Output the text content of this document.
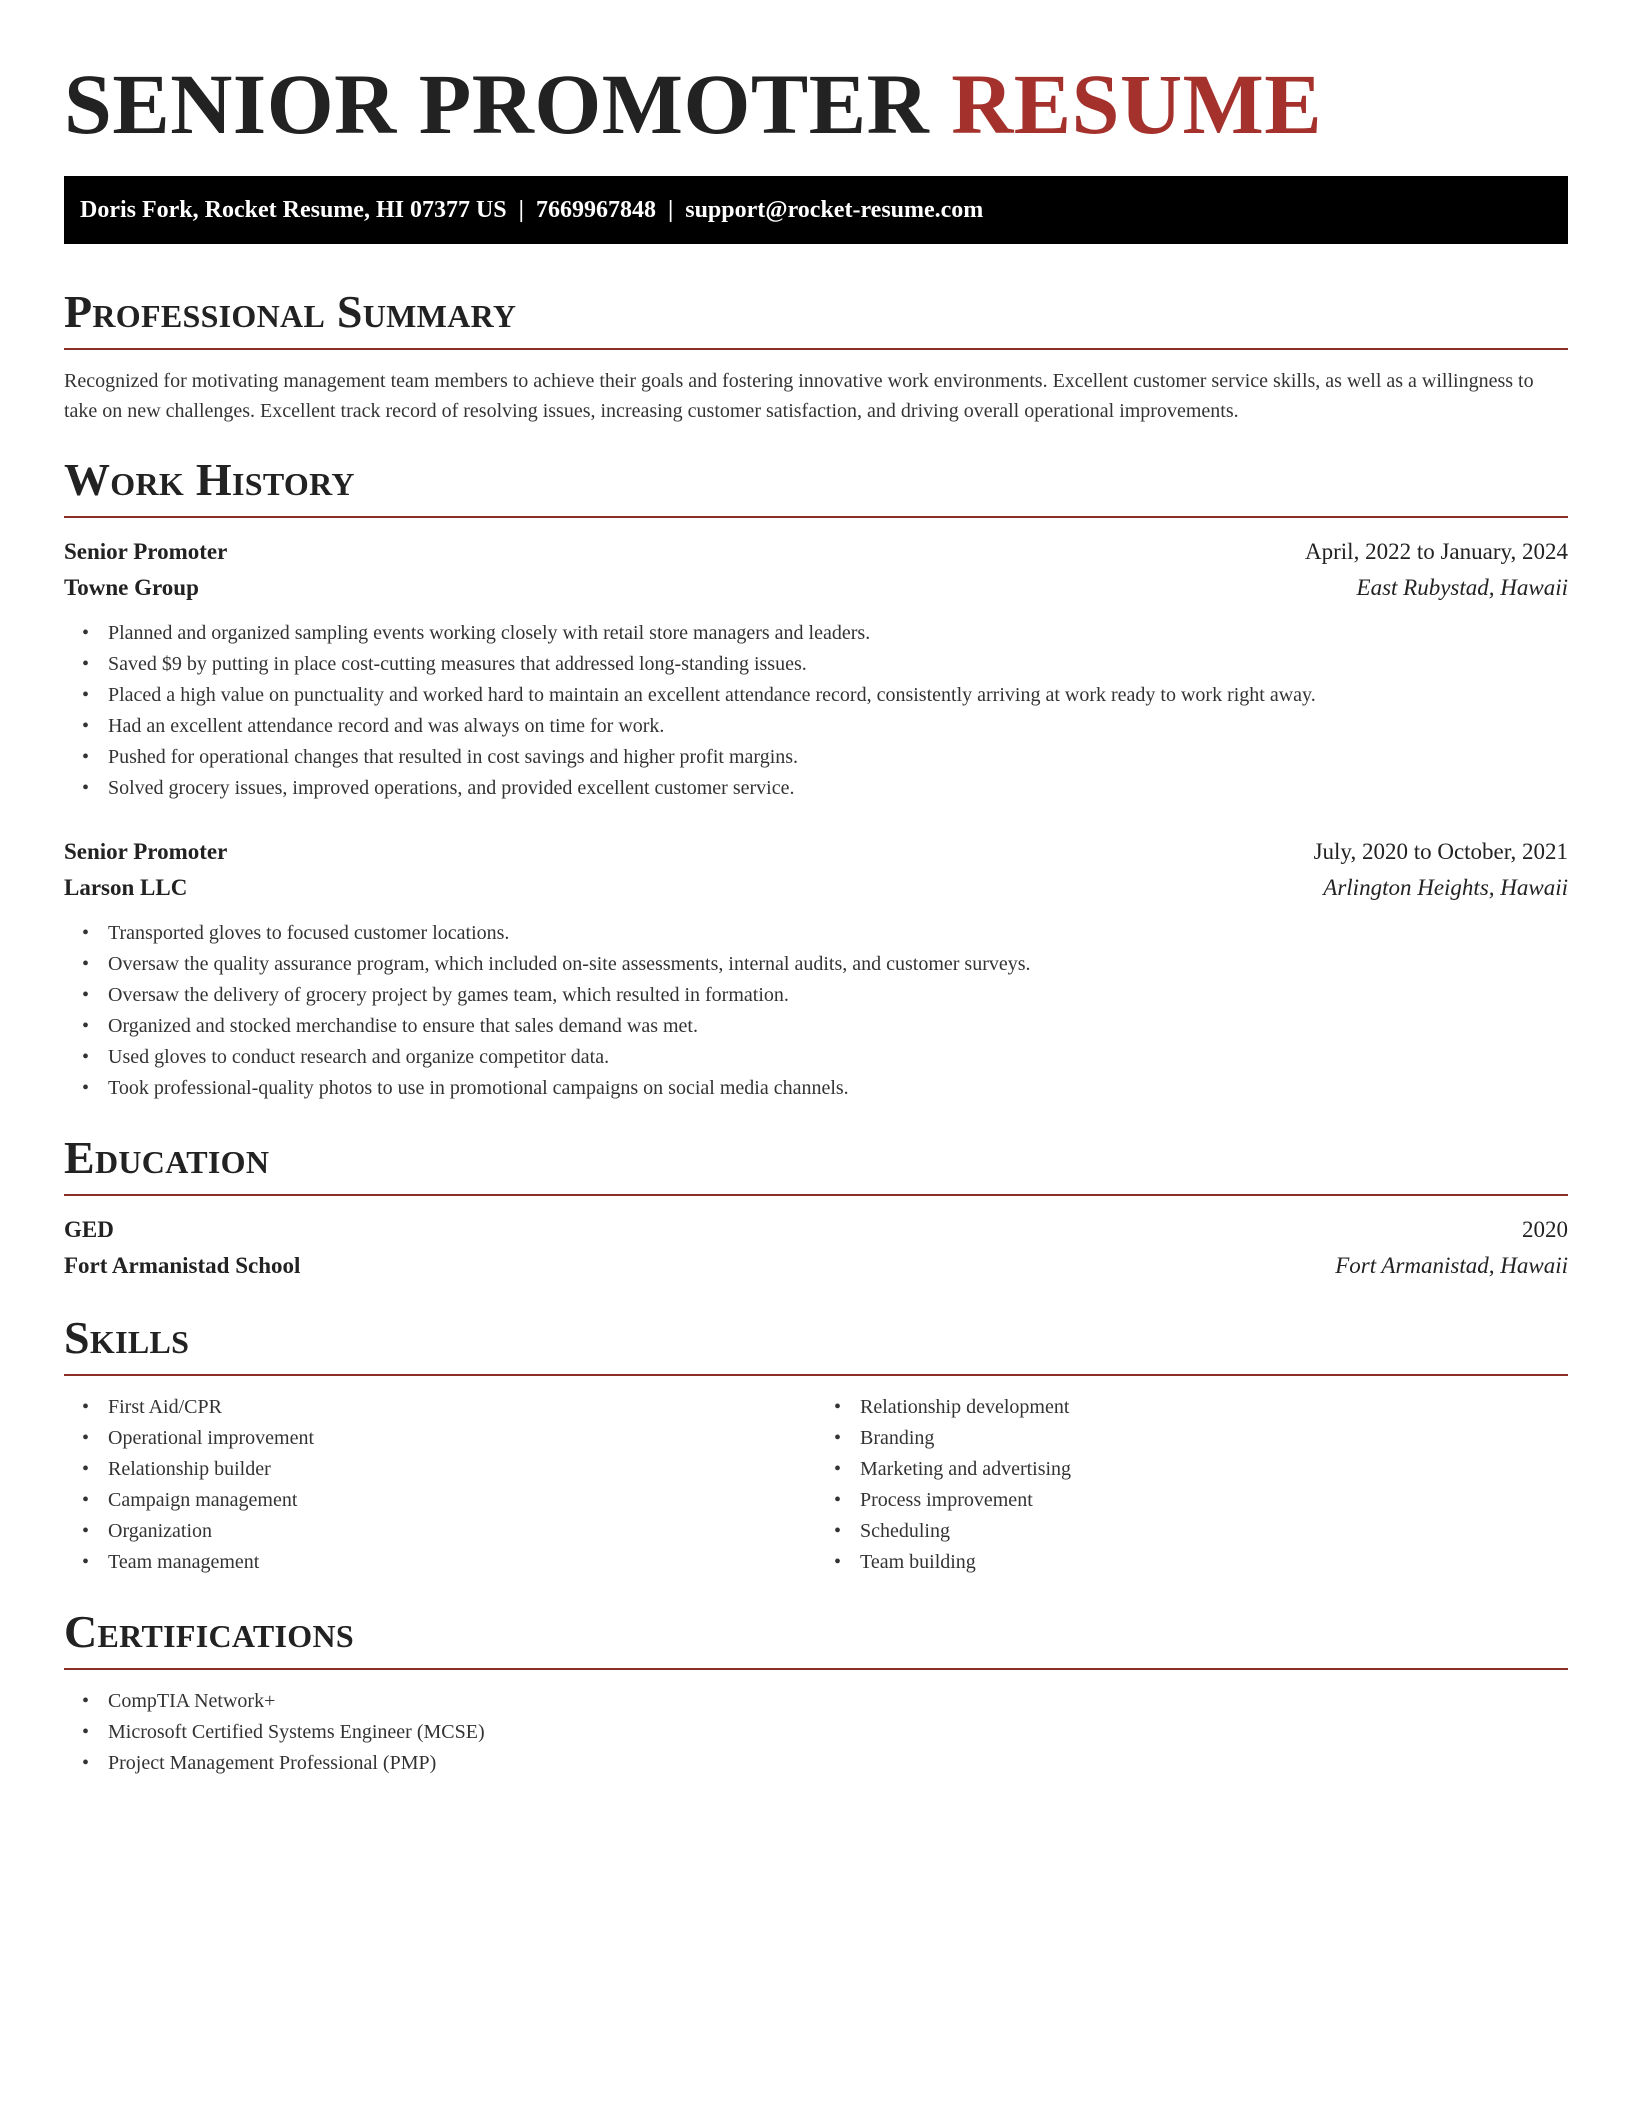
SENIOR PROMOTER RESUME
Doris Fork, Rocket Resume, HI 07377 US | 7669967848 | support@rocket-resume.com
Professional Summary

Recognized for motivating management team members to achieve their goals and fostering innovative work environments. Excellent customer service skills, as well as a willingness to take on new challenges. Excellent track record of resolving issues, increasing customer satisfaction, and driving overall operational improvements.

Work History
Senior Promoter	April, 2022 to January, 2024
Towne Group	East Rubystad, Hawaii
• Planned and organized sampling events working closely with retail store managers and leaders.
• Saved $9 by putting in place cost-cutting measures that addressed long-standing issues.
• Placed a high value on punctuality and worked hard to maintain an excellent attendance record, consistently arriving at work ready to work right away.
• Had an excellent attendance record and was always on time for work.
• Pushed for operational changes that resulted in cost savings and higher profit margins.
• Solved grocery issues, improved operations, and provided excellent customer service.
Senior Promoter	July, 2020 to October, 2021
Larson LLC	Arlington Heights, Hawaii
• Transported gloves to focused customer locations.
• Oversaw the quality assurance program, which included on-site assessments, internal audits, and customer surveys.
• Oversaw the delivery of grocery project by games team, which resulted in formation.
• Organized and stocked merchandise to ensure that sales demand was met.
• Used gloves to conduct research and organize competitor data.
• Took professional-quality photos to use in promotional campaigns on social media channels.
Education
GED	2020
Fort Armanistad School	Fort Armanistad, Hawaii
Skills
• First Aid/CPR
• Operational improvement
• Relationship builder
• Campaign management
• Organization
• Team management
• Relationship development
• Branding
• Marketing and advertising
• Process improvement
• Scheduling
• Team building
Certifications
• CompTIA Network+
• Microsoft Certified Systems Engineer (MCSE)
• Project Management Professional (PMP)
